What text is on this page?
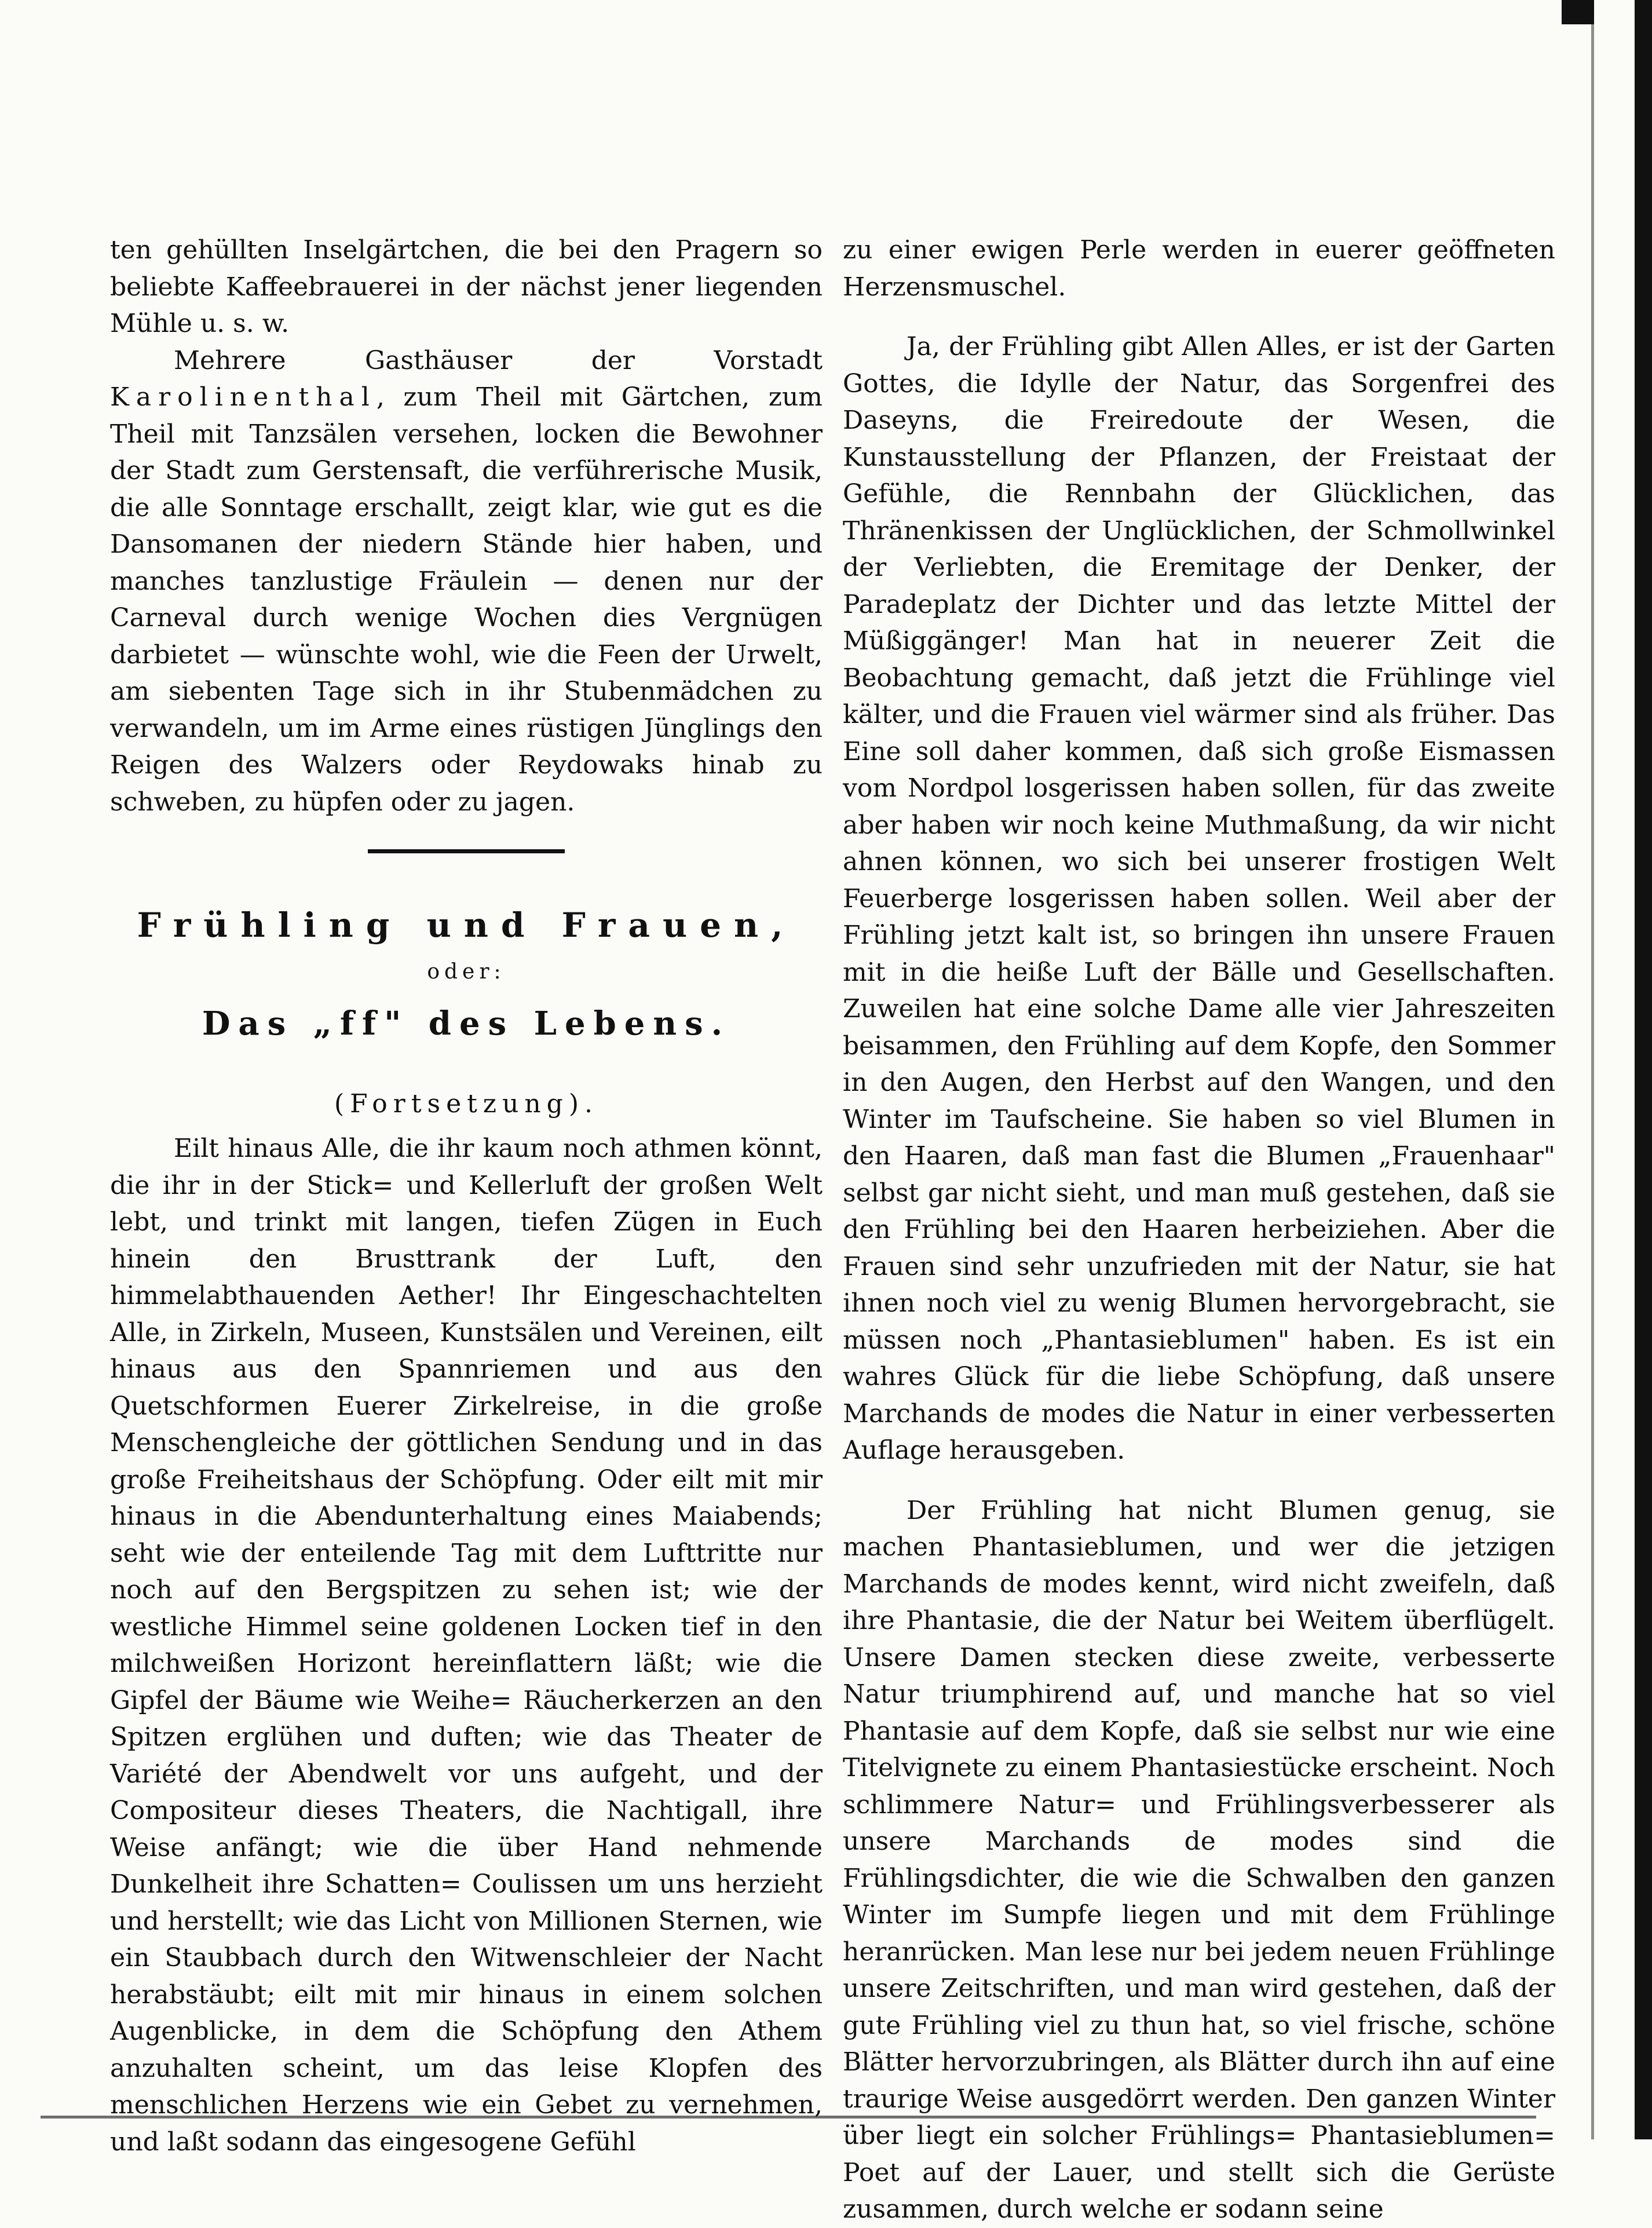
ten gehüllten Inselgärtchen, die bei den Pragern so beliebte Kaffeebrauerei in der nächst jener liegenden Mühle u. s. w.

Mehrere Gasthäuser der Vorstadt Karolinenthal, zum Theil mit Gärtchen, zum Theil mit Tanzsälen versehen, locken die Bewohner der Stadt zum Gerstensaft, die verführerische Musik, die alle Sonntage erschallt, zeigt klar, wie gut es die Dansomanen der niedern Stände hier haben, und manches tanzlustige Fräulein — denen nur der Carneval durch wenige Wochen dies Vergnügen darbietet — wünschte wohl, wie die Feen der Urwelt, am siebenten Tage sich in ihr Stubenmädchen zu verwandeln, um im Arme eines rüstigen Jünglings den Reigen des Walzers oder Reydowaks hinab zu schweben, zu hüpfen oder zu jagen.

Frühling und Frauen,
oder:
Das „ff" des Lebens.
(Fortsetzung).

Eilt hinaus Alle, die ihr kaum noch athmen könnt, die ihr in der Stick= und Kellerluft der großen Welt lebt, und trinkt mit langen, tiefen Zügen in Euch hinein den Brusttrank der Luft, den himmelabthauenden Aether! Ihr Eingeschachtelten Alle, in Zirkeln, Museen, Kunstsälen und Vereinen, eilt hinaus aus den Spannriemen und aus den Quetschformen Euerer Zirkelreise, in die große Menschengleiche der göttlichen Sendung und in das große Freiheitshaus der Schöpfung. Oder eilt mit mir hinaus in die Abendunterhaltung eines Maiabends; seht wie der enteilende Tag mit dem Lufttritte nur noch auf den Bergspitzen zu sehen ist; wie der westliche Himmel seine goldenen Locken tief in den milchweißen Horizont hereinflattern läßt; wie die Gipfel der Bäume wie Weihe= Räucherkerzen an den Spitzen erglühen und duften; wie das Theater de Variété der Abendwelt vor uns aufgeht, und der Compositeur dieses Theaters, die Nachtigall, ihre Weise anfängt; wie die über Hand nehmende Dunkelheit ihre Schatten= Coulissen um uns herzieht und herstellt; wie das Licht von Millionen Sternen, wie ein Staubbach durch den Witwenschleier der Nacht herabstäubt; eilt mit mir hinaus in einem solchen Augenblicke, in dem die Schöpfung den Athem anzuhalten scheint, um das leise Klopfen des menschlichen Herzens wie ein Gebet zu vernehmen, und laßt sodann das eingesogene Gefühl

zu einer ewigen Perle werden in euerer geöffneten Herzensmuschel.

Ja, der Frühling gibt Allen Alles, er ist der Garten Gottes, die Idylle der Natur, das Sorgenfrei des Daseyns, die Freiredoute der Wesen, die Kunstausstellung der Pflanzen, der Freistaat der Gefühle, die Rennbahn der Glücklichen, das Thränenkissen der Unglücklichen, der Schmollwinkel der Verliebten, die Eremitage der Denker, der Paradeplatz der Dichter und das letzte Mittel der Müßiggänger! Man hat in neuerer Zeit die Beobachtung gemacht, daß jetzt die Frühlinge viel kälter, und die Frauen viel wärmer sind als früher. Das Eine soll daher kommen, daß sich große Eismassen vom Nordpol losgerissen haben sollen, für das zweite aber haben wir noch keine Muthmaßung, da wir nicht ahnen können, wo sich bei unserer frostigen Welt Feuerberge losgerissen haben sollen. Weil aber der Frühling jetzt kalt ist, so bringen ihn unsere Frauen mit in die heiße Luft der Bälle und Gesellschaften. Zuweilen hat eine solche Dame alle vier Jahreszeiten beisammen, den Frühling auf dem Kopfe, den Sommer in den Augen, den Herbst auf den Wangen, und den Winter im Taufscheine. Sie haben so viel Blumen in den Haaren, daß man fast die Blumen „Frauenhaar" selbst gar nicht sieht, und man muß gestehen, daß sie den Frühling bei den Haaren herbeiziehen. Aber die Frauen sind sehr unzufrieden mit der Natur, sie hat ihnen noch viel zu wenig Blumen hervorgebracht, sie müssen noch „Phantasieblumen" haben. Es ist ein wahres Glück für die liebe Schöpfung, daß unsere Marchands de modes die Natur in einer verbesserten Auflage herausgeben.

Der Frühling hat nicht Blumen genug, sie machen Phantasieblumen, und wer die jetzigen Marchands de modes kennt, wird nicht zweifeln, daß ihre Phantasie, die der Natur bei Weitem überflügelt. Unsere Damen stecken diese zweite, verbesserte Natur triumphirend auf, und manche hat so viel Phantasie auf dem Kopfe, daß sie selbst nur wie eine Titelvignete zu einem Phantasiestücke erscheint. Noch schlimmere Natur= und Frühlingsverbesserer als unsere Marchands de modes sind die Frühlingsdichter, die wie die Schwalben den ganzen Winter im Sumpfe liegen und mit dem Frühlinge heranrücken. Man lese nur bei jedem neuen Frühlinge unsere Zeitschriften, und man wird gestehen, daß der gute Frühling viel zu thun hat, so viel frische, schöne Blätter hervorzubringen, als Blätter durch ihn auf eine traurige Weise ausgedörrt werden. Den ganzen Winter über liegt ein solcher Frühlings= Phantasieblumen= Poet auf der Lauer, und stellt sich die Gerüste zusammen, durch welche er sodann seine
